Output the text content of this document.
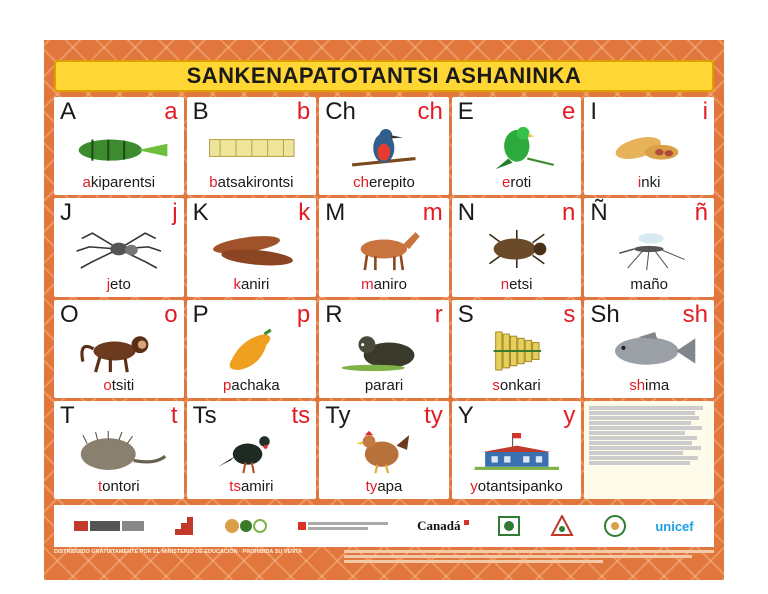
SANKENAPATOTANTSI ASHANINKA
A	a
akiparentsi
B	b
batsakirontsi
Ch	ch
cherepito
E	e
eroti
I	i
inki
J	j
jeto
K	k
kaniri
M	m
maniro
N	n
netsi
Ñ	ñ
maño
O	o
otsiti
P	p
pachaka
R	r
parari
S	s
sonkari
Sh	sh
shima
T	t
tontori
Ts	ts
tsamiri
Ty	ty
tyapa
Y	y
yotantsipanko
Canadá	unicef
DISTRIBUIDO GRATUITAMENTE POR EL MINISTERIO DE EDUCACIÓN · PROHIBIDA SU VENTA
